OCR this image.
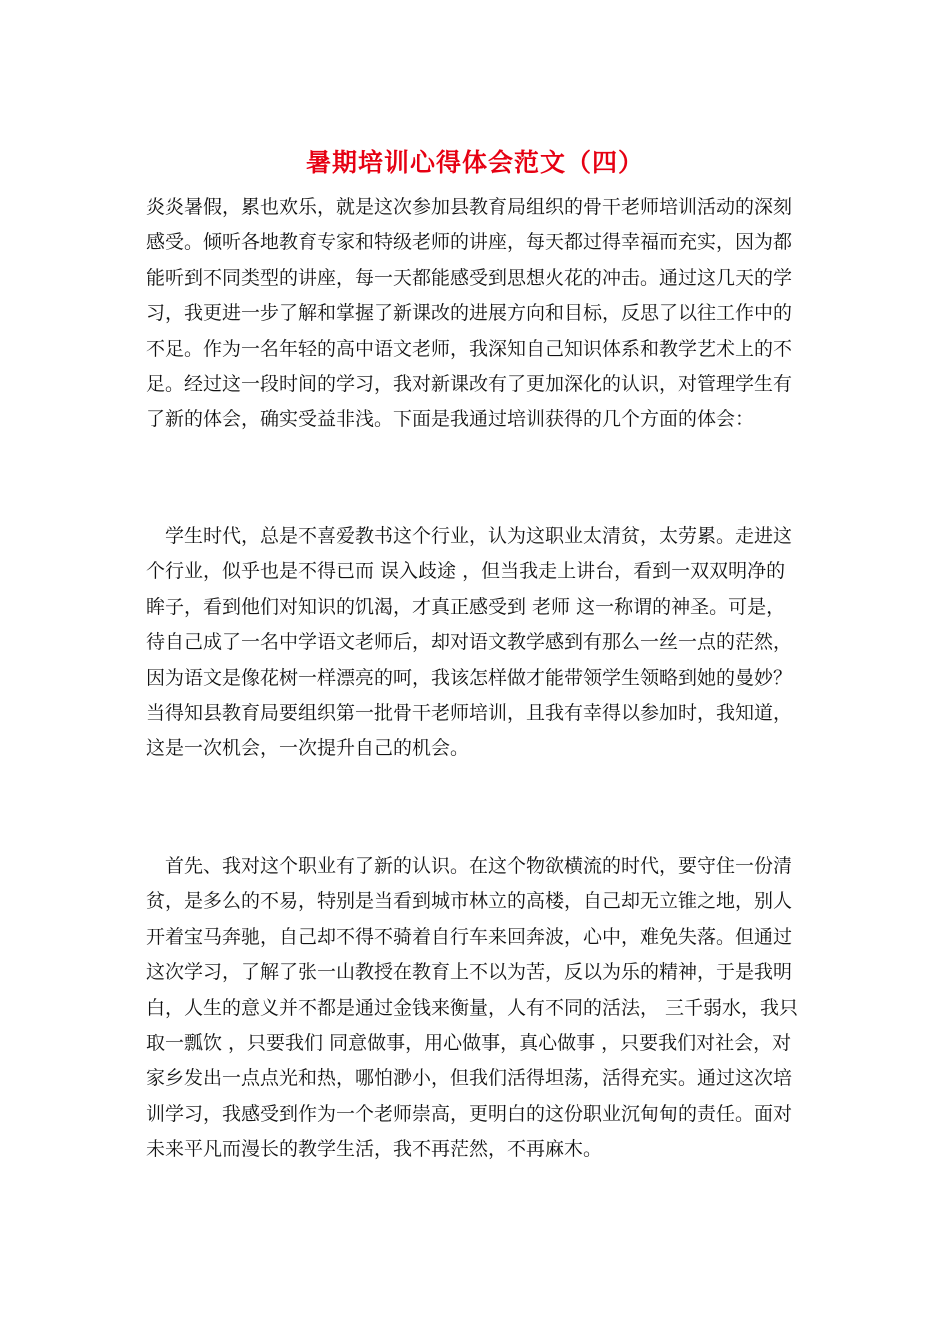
暑期培训心得体会范文（四）
炎炎暑假，累也欢乐，就是这次参加县教育局组织的骨干老师培训活动的深刻
感受。倾听各地教育专家和特级老师的讲座，每天都过得幸福而充实，因为都
能听到不同类型的讲座，每一天都能感受到思想火花的冲击。通过这几天的学
习，我更进一步了解和掌握了新课改的进展方向和目标，反思了以往工作中的
不足。作为一名年轻的高中语文老师，我深知自己知识体系和教学艺术上的不
足。经过这一段时间的学习，我对新课改有了更加深化的认识，对管理学生有
了新的体会，确实受益非浅。下面是我通过培训获得的几个方面的体会：
　学生时代，总是不喜爱教书这个行业，认为这职业太清贫，太劳累。走进这
个行业，似乎也是不得已而 误入歧途 ，但当我走上讲台，看到一双双明净的
眸子，看到他们对知识的饥渴，才真正感受到 老师 这一称谓的神圣。可是，
待自己成了一名中学语文老师后，却对语文教学感到有那么一丝一点的茫然，
因为语文是像花树一样漂亮的呵，我该怎样做才能带领学生领略到她的曼妙？
当得知县教育局要组织第一批骨干老师培训，且我有幸得以参加时，我知道，
这是一次机会，一次提升自己的机会。
　首先、我对这个职业有了新的认识。在这个物欲横流的时代，要守住一份清
贫，是多么的不易，特别是当看到城市林立的高楼，自己却无立锥之地，别人
开着宝马奔驰，自己却不得不骑着自行车来回奔波，心中，难免失落。但通过
这次学习，了解了张一山教授在教育上不以为苦，反以为乐的精神，于是我明
白，人生的意义并不都是通过金钱来衡量，人有不同的活法， 三千弱水，我只
取一瓢饮 ，只要我们 同意做事，用心做事，真心做事 ，只要我们对社会，对
家乡发出一点点光和热，哪怕渺小，但我们活得坦荡，活得充实。通过这次培
训学习，我感受到作为一个老师崇高，更明白的这份职业沉甸甸的责任。面对
未来平凡而漫长的教学生活，我不再茫然，不再麻木。
